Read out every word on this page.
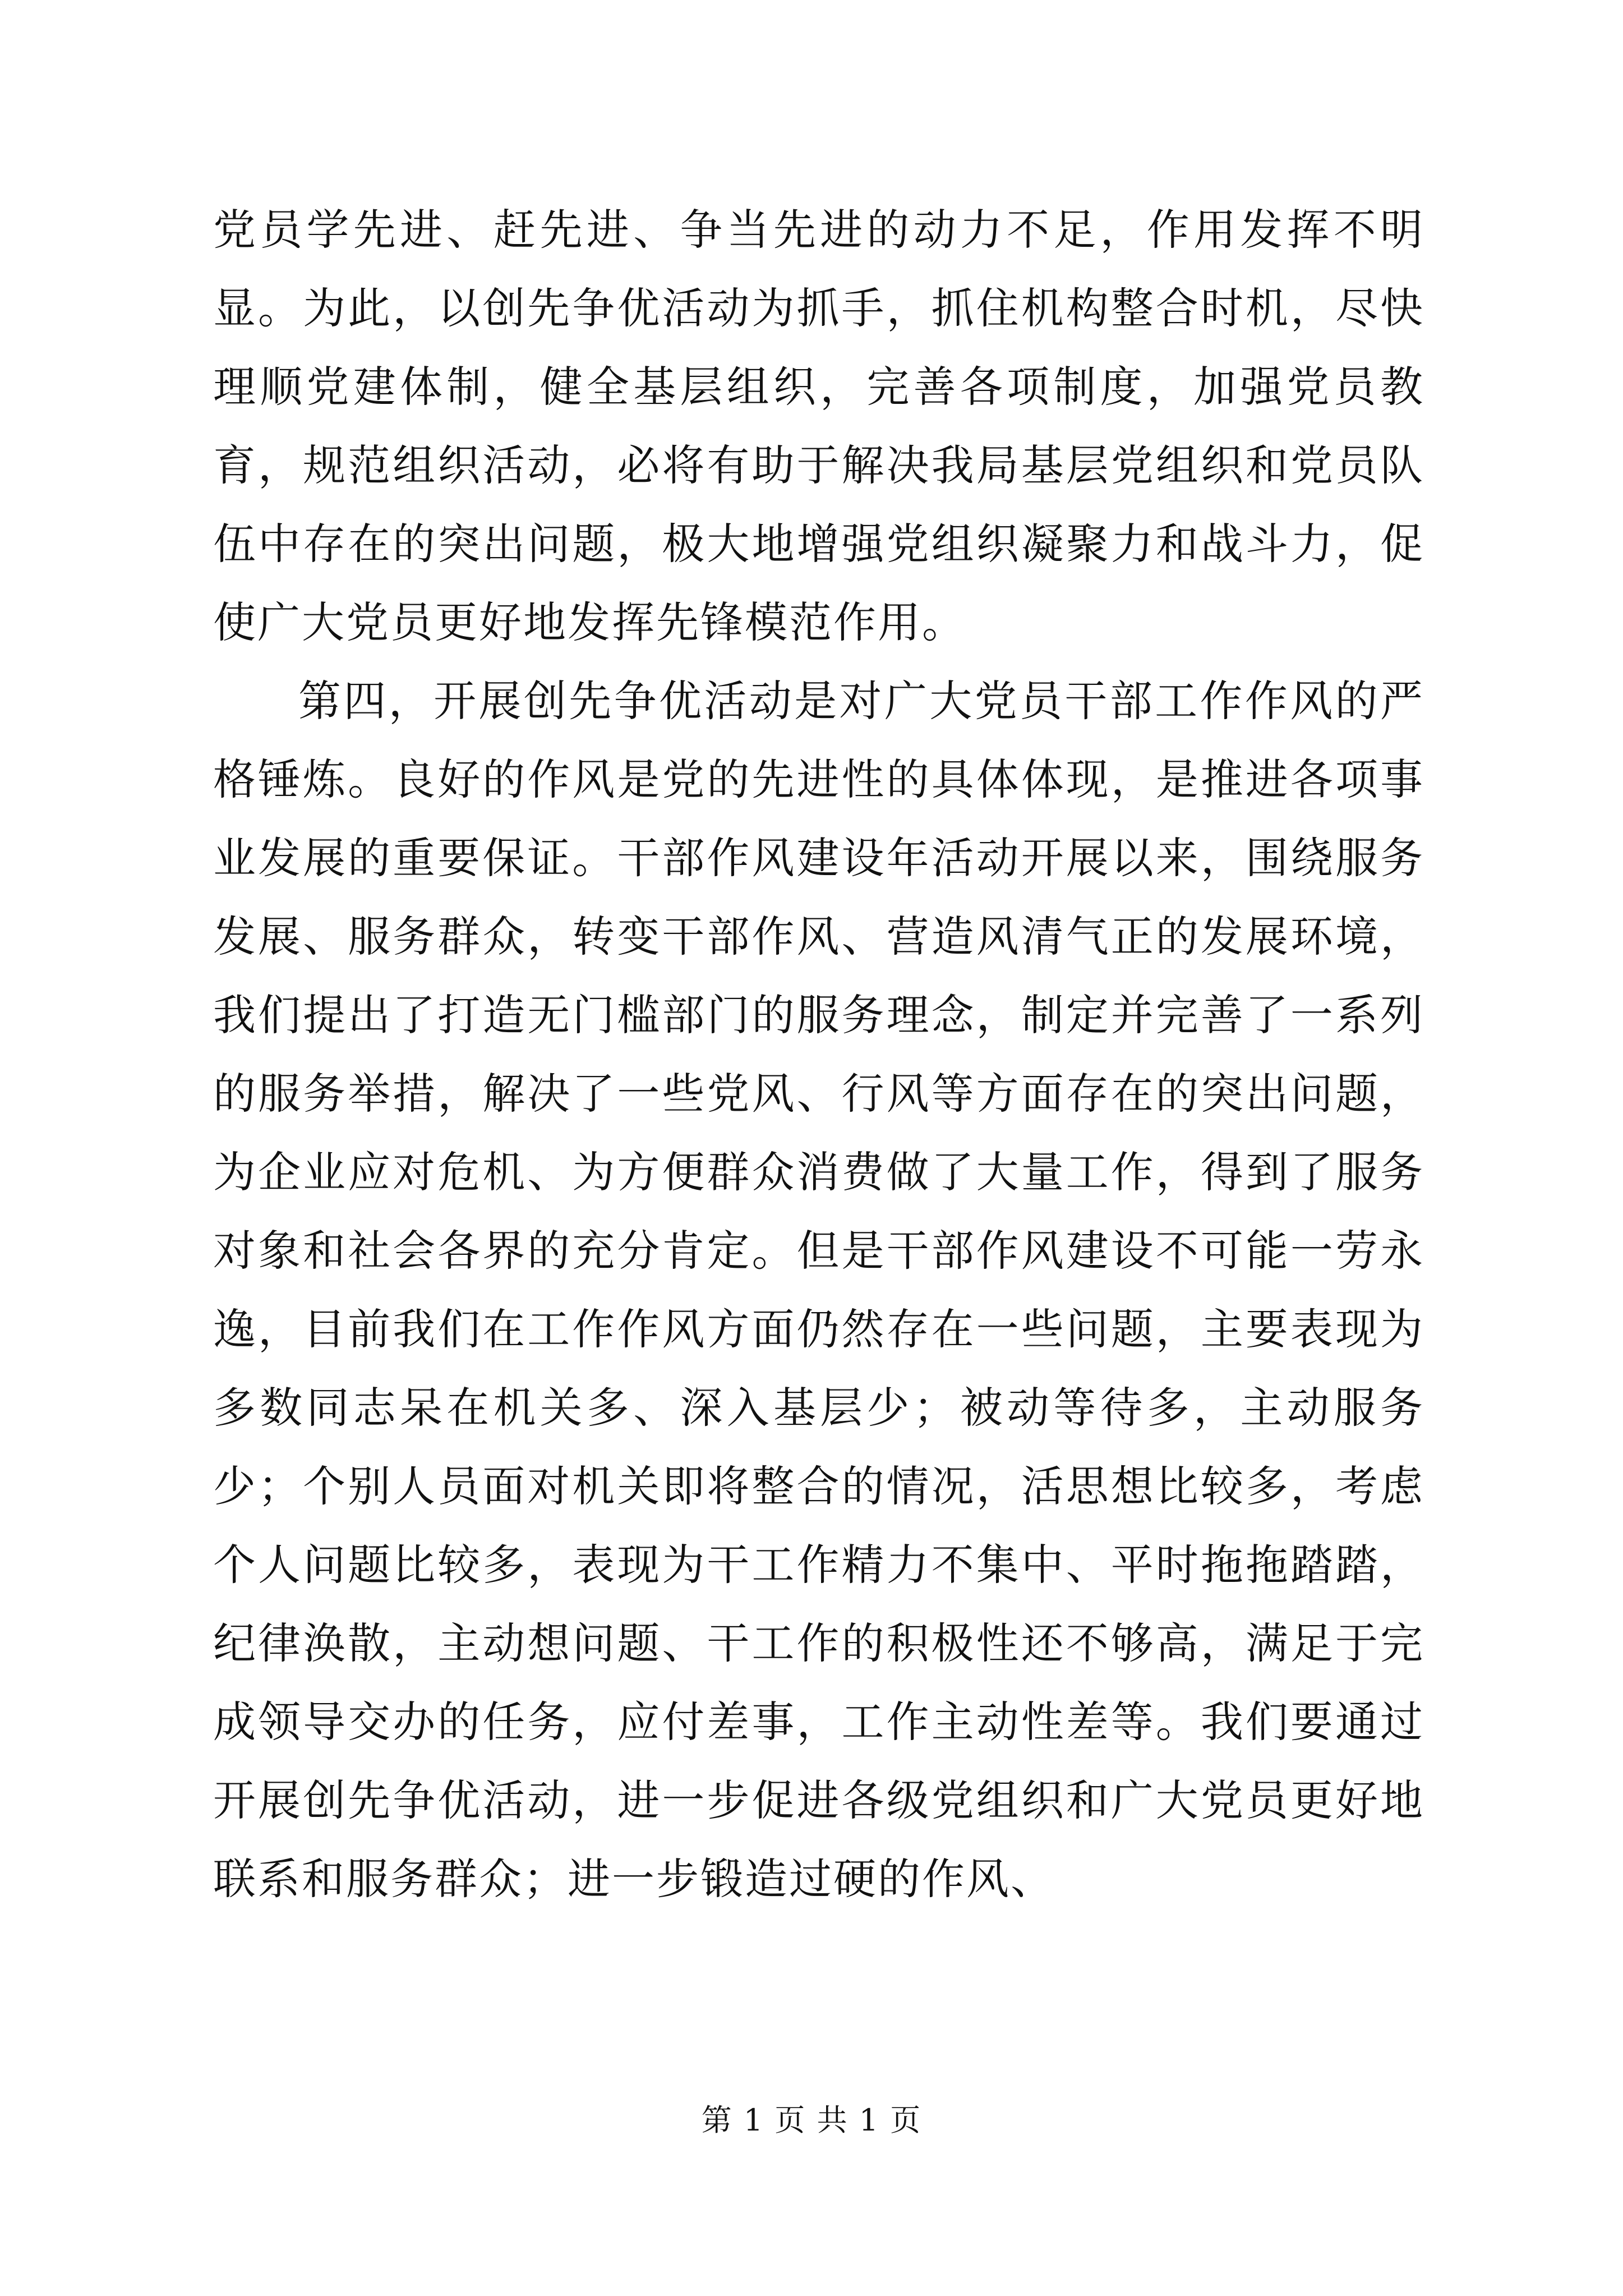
党员学先进、赶先进、争当先进的动力不足，作用发挥不明显。为此，以创先争优活动为抓手，抓住机构整合时机，尽快理顺党建体制，健全基层组织，完善各项制度，加强党员教育，规范组织活动，必将有助于解决我局基层党组织和党员队伍中存在的突出问题，极大地增强党组织凝聚力和战斗力，促使广大党员更好地发挥先锋模范作用。

第四，开展创先争优活动是对广大党员干部工作作风的严格锤炼。良好的作风是党的先进性的具体体现，是推进各项事业发展的重要保证。干部作风建设年活动开展以来，围绕服务发展、服务群众，转变干部作风、营造风清气正的发展环境，我们提出了打造无门槛部门的服务理念，制定并完善了一系列的服务举措，解决了一些党风、行风等方面存在的突出问题，为企业应对危机、为方便群众消费做了大量工作，得到了服务对象和社会各界的充分肯定。但是干部作风建设不可能一劳永逸，目前我们在工作作风方面仍然存在一些问题，主要表现为多数同志呆在机关多、深入基层少；被动等待多，主动服务少；个别人员面对机关即将整合的情况，活思想比较多，考虑个人问题比较多，表现为干工作精力不集中、平时拖拖踏踏，纪律涣散，主动想问题、干工作的积极性还不够高，满足于完成领导交办的任务，应付差事，工作主动性差等。我们要通过开展创先争优活动，进一步促进各级党组织和广大党员更好地联系和服务群众；进一步锻造过硬的作风、

第 1 页 共 1 页
